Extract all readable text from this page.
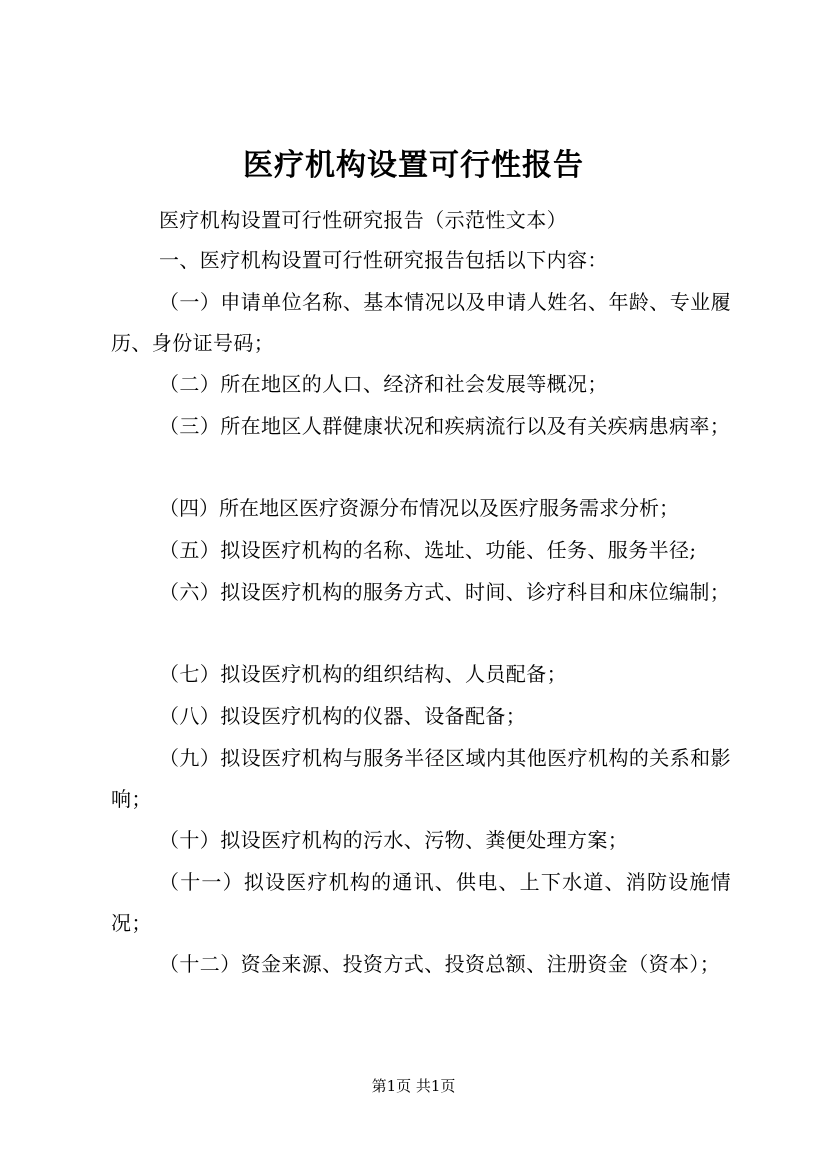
医疗机构设置可行性报告
医疗机构设置可行性研究报告（示范性文本）
一、医疗机构设置可行性研究报告包括以下内容：
（一）申请单位名称、基本情况以及申请人姓名、年龄、专业履历、身份证号码；
（二）所在地区的人口、经济和社会发展等概况；
（三）所在地区人群健康状况和疾病流行以及有关疾病患病率；
（四）所在地区医疗资源分布情况以及医疗服务需求分析；
（五）拟设医疗机构的名称、选址、功能、任务、服务半径;
（六）拟设医疗机构的服务方式、时间、诊疗科目和床位编制；
（七）拟设医疗机构的组织结构、人员配备；
（八）拟设医疗机构的仪器、设备配备；
（九）拟设医疗机构与服务半径区域内其他医疗机构的关系和影响；
（十）拟设医疗机构的污水、污物、粪便处理方案；
（十一）拟设医疗机构的通讯、供电、上下水道、消防设施情况；
（十二）资金来源、投资方式、投资总额、注册资金（资本）；
第1页 共1页
